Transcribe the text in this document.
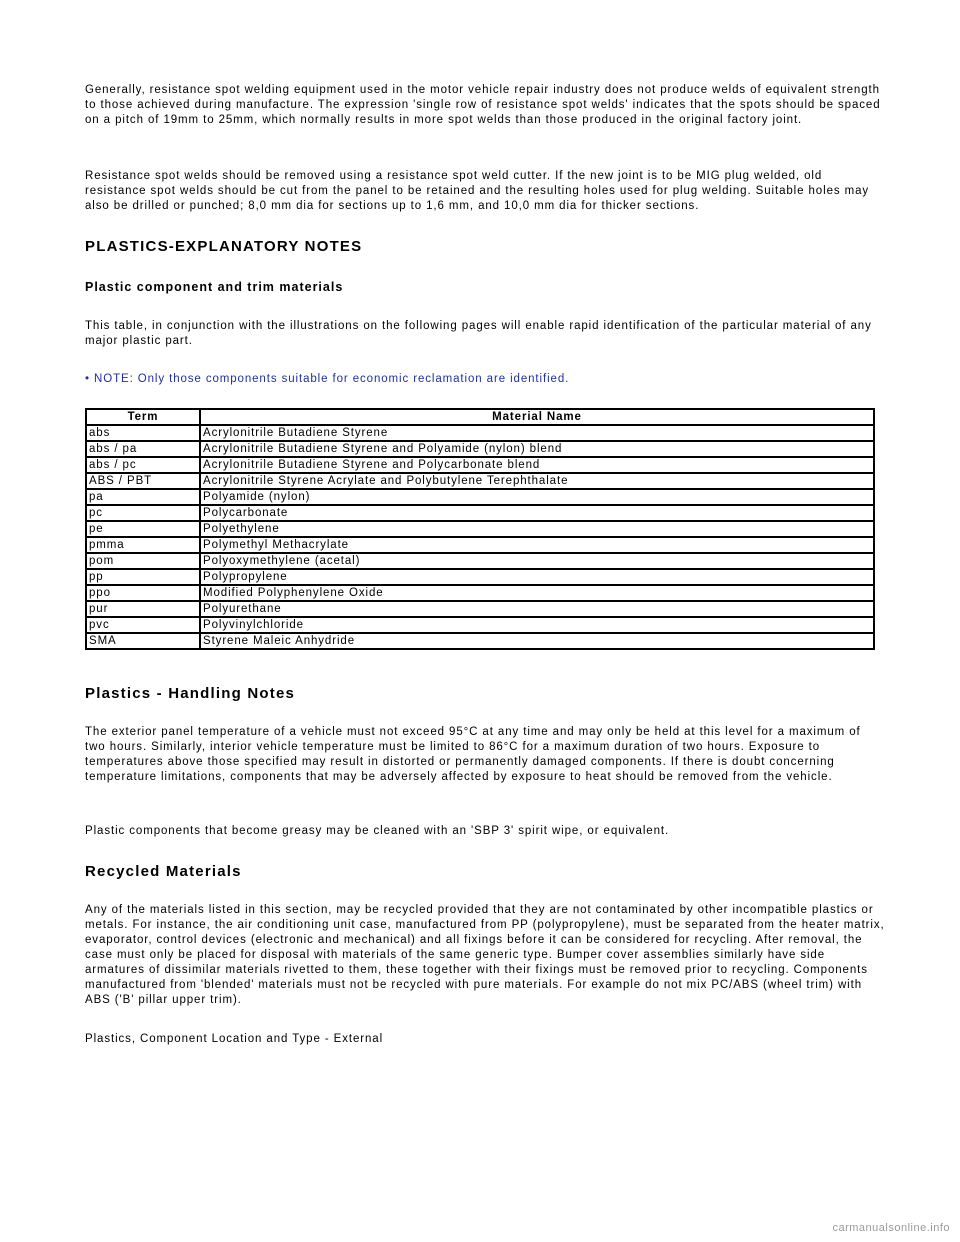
Generally, resistance spot welding equipment used in the motor vehicle repair industry does not produce welds of equivalent strength to those achieved during manufacture. The expression 'single row of resistance spot welds' indicates that the spots should be spaced on a pitch of 19mm to 25mm, which normally results in more spot welds than those produced in the original factory joint.

Resistance spot welds should be removed using a resistance spot weld cutter. If the new joint is to be MIG plug welded, old resistance spot welds should be cut from the panel to be retained and the resulting holes used for plug welding. Suitable holes may also be drilled or punched; 8,0 mm dia for sections up to 1,6 mm, and 10,0 mm dia for thicker sections.

PLASTICS-EXPLANATORY NOTES
Plastic component and trim materials

This table, in conjunction with the illustrations on the following pages will enable rapid identification of the particular material of any major plastic part.

• NOTE: Only those components suitable for economic reclamation are identified.

Term	Material Name
abs	Acrylonitrile Butadiene Styrene
abs / pa	Acrylonitrile Butadiene Styrene and Polyamide (nylon) blend
abs / pc	Acrylonitrile Butadiene Styrene and Polycarbonate blend
ABS / PBT	Acrylonitrile Styrene Acrylate and Polybutylene Terephthalate
pa	Polyamide (nylon)
pc	Polycarbonate
pe	Polyethylene
pmma	Polymethyl Methacrylate
pom	Polyoxymethylene (acetal)
pp	Polypropylene
ppo	Modified Polyphenylene Oxide
pur	Polyurethane
pvc	Polyvinylchloride
SMA	Styrene Maleic Anhydride
Plastics - Handling Notes

The exterior panel temperature of a vehicle must not exceed 95°C at any time and may only be held at this level for a maximum of two hours. Similarly, interior vehicle temperature must be limited to 86°C for a maximum duration of two hours. Exposure to temperatures above those specified may result in distorted or permanently damaged components. If there is doubt concerning temperature limitations, components that may be adversely affected by exposure to heat should be removed from the vehicle.

Plastic components that become greasy may be cleaned with an 'SBP 3' spirit wipe, or equivalent.

Recycled Materials

Any of the materials listed in this section, may be recycled provided that they are not contaminated by other incompatible plastics or metals. For instance, the air conditioning unit case, manufactured from PP (polypropylene), must be separated from the heater matrix, evaporator, control devices (electronic and mechanical) and all fixings before it can be considered for recycling. After removal, the case must only be placed for disposal with materials of the same generic type. Bumper cover assemblies similarly have side armatures of dissimilar materials rivetted to them, these together with their fixings must be removed prior to recycling. Components manufactured from 'blended' materials must not be recycled with pure materials. For example do not mix PC/ABS (wheel trim) with ABS ('B' pillar upper trim).

Plastics, Component Location and Type - External

carmanualsonline.info
